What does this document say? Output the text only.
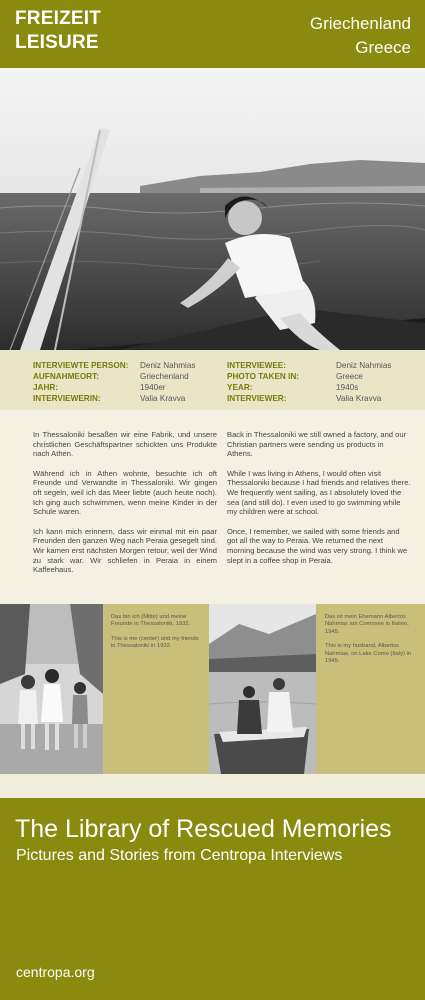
FREIZEIT
LEISURE
Griechenland
Greece
INTERVIEWTE PERSON:
AUFNAHMEORT:
JAHR:
INTERVIEWERIN:
Deniz Nahmias
Griechenland
1940er
Valia Kravva
INTERVIEWEE:
PHOTO TAKEN IN:
YEAR:
INTERVIEWER:
Deniz Nahmias
Greece
1940s
Valia Kravva

In Thessaloniki besaßen wir eine Fabrik, und unsere christlichen Geschäftspartner schickten uns Produkte nach Athen.

Während ich in Athen wohnte, besuchte ich oft Freunde und Verwandte in Thessaloniki. Wir gingen oft segeln, weil ich das Meer liebte (auch heute noch). Ich ging auch schwimmen, wenn meine Kinder in der Schule waren.

Ich kann mich erinnern, dass wir einmal mit ein paar Freunden den ganzen Weg nach Peraia gesegelt sind. Wir kamen erst nächsten Morgen retour, weil der Wind zu stark war. Wir schliefen in Peraia in einem Kaffeehaus.

Back in Thessaloniki we still owned a factory, and our Christian partners were sending us products in Athens.

While I was living in Athens, I would often visit Thessaloniki because I had friends and relatives there. We frequently went sailing, as I absolutely loved the sea (and still do). I even used to go swimming while my children were at school.

Once, I remember, we sailed with some friends and got all the way to Peraia. We returned the next morning because the wind was very strong. I think we slept in a coffee shop in Peraia.

Das bin ich (Mitte) und meine Freunde in Thessaloniki, 1932.

This is me (center) and my friends in Thessaloniki in 1932.

Das ist mein Ehemann Albertos Nahmias am Comosee in Italien, 1945.

This is my husband, Albertos Nahmias, on Lake Como (Italy) in 1945.

The Library of Rescued Memories
Pictures and Stories from Centropa Interviews
centropa.org
